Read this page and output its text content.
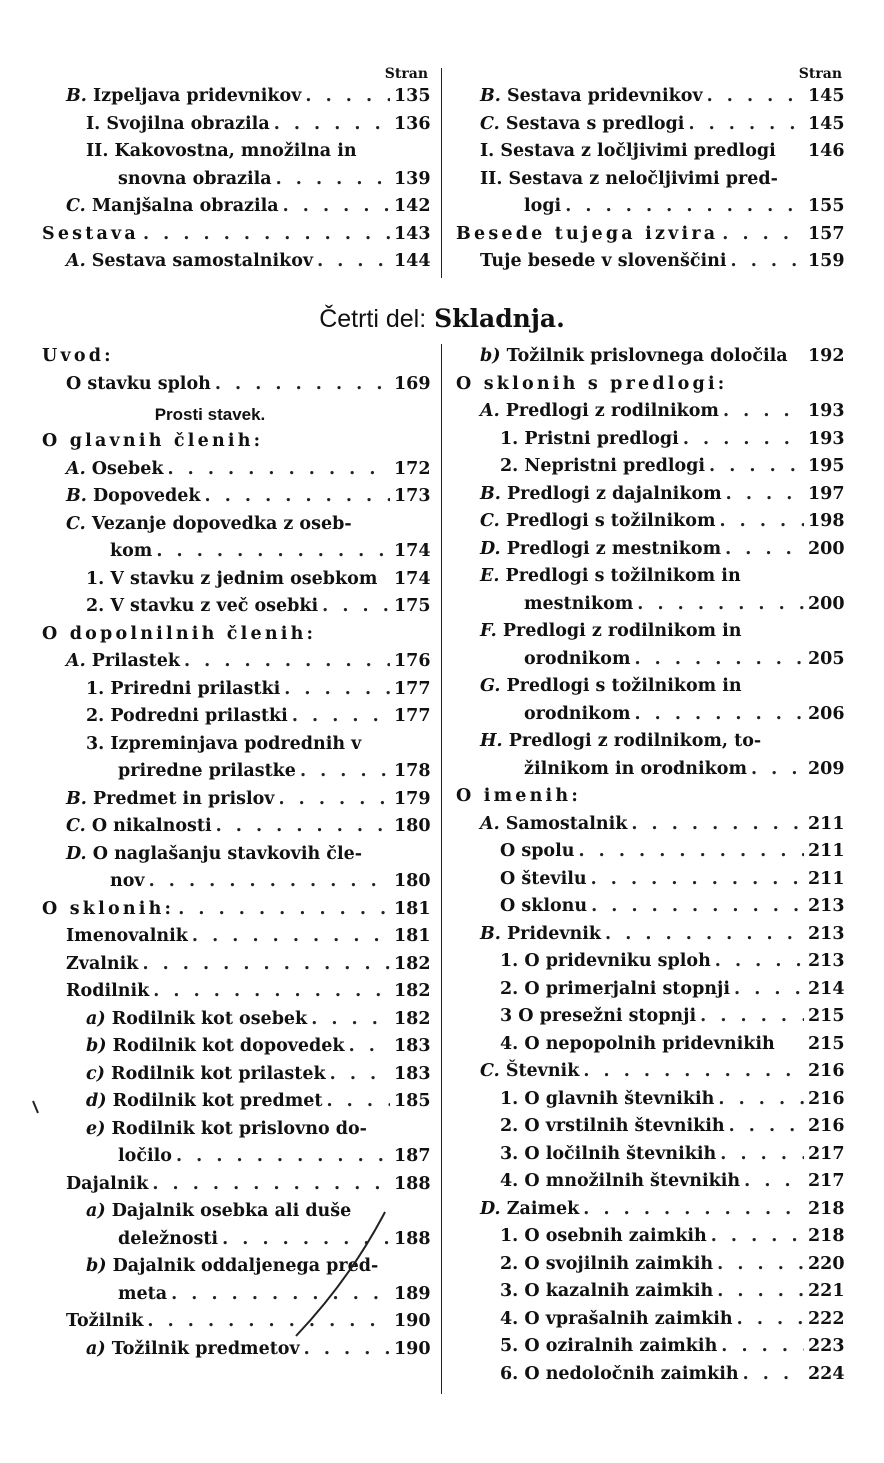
Stran
B. Izpeljava pridevnikov . . .	135
I. Svojilna obrazila . . .	136
II. Kakovostna, množilna in
snovna obrazila . . .	139
C. Manjšalna obrazila . . .	142
Sestava . . .	143
A. Sestava samostalnikov . . .	144
Stran
B. Sestava pridevnikov . . .	145
C. Sestava s predlogi . . .	145
I. Sestava z ločljivimi predlogi 146
II. Sestava z neločljivimi pred-
logi . . .	155
Besede tujega izvira . . .	157
Tuje besede v slovenščini . . .	159
Četrti del: Skladnja.
Uvod:
O stavku sploh . . .	169
Prosti stavek.
O glavnih členih:
A. Osebek . . .	172
B. Dopovedek . . .	173
C. Vezanje dopovedka z oseb-
kom . . .	174
1. V stavku z jednim osebkom 174
2. V stavku z več osebki . . .	175
O dopolnilnih členih:
A. Prilastek . . .	176
1. Priredni prilastki . . .	177
2. Podredni prilastki . . .	177
3. Izpreminjava podrednih v
priredne prilastke . . .	178
B. Predmet in prislov . . .	179
C. O nikalnosti . . .	180
D. O naglašanju stavkovih čle-
nov . . .	180
O sklonih: . . .	181
Imenovalnik . . .	181
Zvalnik . . .	182
Rodilnik . . .	182
a) Rodilnik kot osebek . . .	182
b) Rodilnik kot dopovedek . . .	183
c) Rodilnik kot prilastek . . .	183
d) Rodilnik kot predmet . . .	185
e) Rodilnik kot prislovno do-
ločilo . . .	187
Dajalnik . . .	188
a) Dajalnik osebka ali duše
deležnosti . . .	188
b) Dajalnik oddaljenega pred-
meta . . .	189
Tožilnik . . .	190
a) Tožilnik predmetov . . .	190
b) Tožilnik prislovnega določila 192
O sklonih s predlogi:
A. Predlogi z rodilnikom . . .	193
1. Pristni predlogi . . .	193
2. Nepristni predlogi . . .	195
B. Predlogi z dajalnikom . . .	197
C. Predlogi s tožilnikom . . .	198
D. Predlogi z mestnikom . . .	200
E. Predlogi s tožilnikom in
mestnikom . . .	200
F. Predlogi z rodilnikom in
orodnikom . . .	205
G. Predlogi s tožilnikom in
orodnikom . . .	206
H. Predlogi z rodilnikom, to-
žilnikom in orodnikom . . .	209
O imenih:
A. Samostalnik . . .	211
O spolu . . .	211
O številu . . .	211
O sklonu . . .	213
B. Pridevnik . . .	213
1. O pridevniku sploh . . .	213
2. O primerjalni stopnji . . .	214
3 O presežni stopnji . . .	215
4. O nepopolnih pridevnikih 215
C. Števnik . . .	216
1. O glavnih števnikih . . .	216
2. O vrstilnih števnikih . . .	216
3. O ločilnih števnikih . . .	217
4. O množilnih števnikih . . .	217
D. Zaimek . . .	218
1. O osebnih zaimkih . . .	218
2. O svojilnih zaimkih . . .	220
3. O kazalnih zaimkih . . .	221
4. O vprašalnih zaimkih . . .	222
5. O oziralnih zaimkih . . .	223
6. O nedoločnih zaimkih . . .	224
